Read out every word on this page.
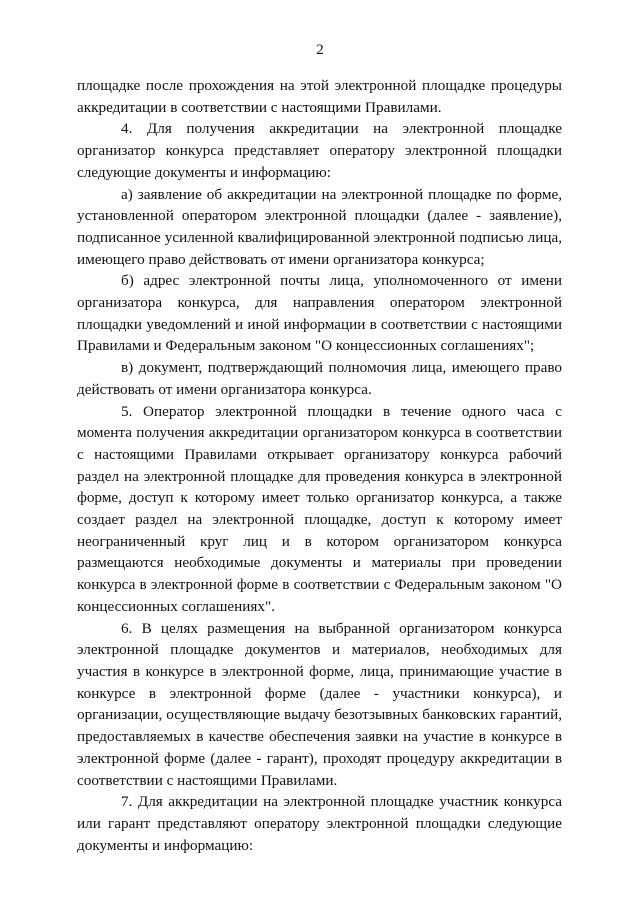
2

площадке после прохождения на этой электронной площадке процедуры аккредитации в соответствии с настоящими Правилами.

4. Для получения аккредитации на электронной площадке организатор конкурса представляет оператору электронной площадки следующие документы и информацию:

а) заявление об аккредитации на электронной площадке по форме, установленной оператором электронной площадки (далее - заявление), подписанное усиленной квалифицированной электронной подписью лица, имеющего право действовать от имени организатора конкурса;

б) адрес электронной почты лица, уполномоченного от имени организатора конкурса, для направления оператором электронной площадки уведомлений и иной информации в соответствии с настоящими Правилами и Федеральным законом "О концессионных соглашениях";

в) документ, подтверждающий полномочия лица, имеющего право действовать от имени организатора конкурса.

5. Оператор электронной площадки в течение одного часа с момента получения аккредитации организатором конкурса в соответствии с настоящими Правилами открывает организатору конкурса рабочий раздел на электронной площадке для проведения конкурса в электронной форме, доступ к которому имеет только организатор конкурса, а также создает раздел на электронной площадке, доступ к которому имеет неограниченный круг лиц и в котором организатором конкурса размещаются необходимые документы и материалы при проведении конкурса в электронной форме в соответствии с Федеральным законом "О концессионных соглашениях".

6. В целях размещения на выбранной организатором конкурса электронной площадке документов и материалов, необходимых для участия в конкурсе в электронной форме, лица, принимающие участие в конкурсе в электронной форме (далее - участники конкурса), и организации, осуществляющие выдачу безотзывных банковских гарантий, предоставляемых в качестве обеспечения заявки на участие в конкурсе в электронной форме (далее - гарант), проходят процедуру аккредитации в соответствии с настоящими Правилами.

7. Для аккредитации на электронной площадке участник конкурса или гарант представляют оператору электронной площадки следующие документы и информацию:
